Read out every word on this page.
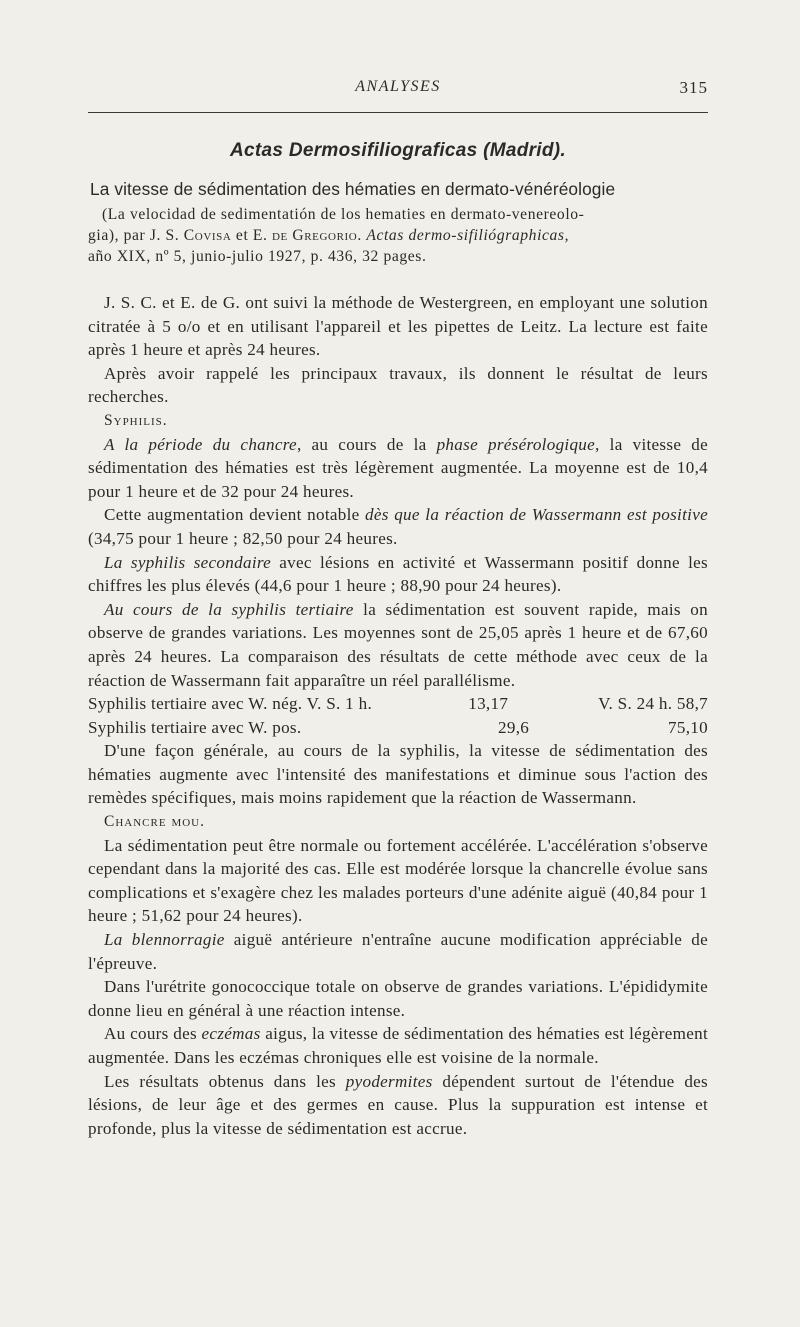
ANALYSES	315
Actas Dermosifiliograficas (Madrid).
La vitesse de sédimentation des hématies en dermato-vénéréologie
(La velocidad de sedimentatión de los hematies en dermato-venereolo-
gia), par J. S. Covisa et E. de Gregorio. Actas dermo-sifiliógraphicas,
año XIX, nº 5, junio-julio 1927, p. 436, 32 pages.

J. S. C. et E. de G. ont suivi la méthode de Westergreen, en employant une solution citratée à 5 o/o et en utilisant l'appareil et les pipettes de Leitz. La lecture est faite après 1 heure et après 24 heures.

Après avoir rappelé les principaux travaux, ils donnent le résultat de leurs recherches.

Syphilis.

A la période du chancre, au cours de la phase présérologique, la vitesse de sédimentation des hématies est très légèrement augmentée. La moyenne est de 10,4 pour 1 heure et de 32 pour 24 heures.

Cette augmentation devient notable dès que la réaction de Wassermann est positive (34,75 pour 1 heure ; 82,50 pour 24 heures.

La syphilis secondaire avec lésions en activité et Wassermann positif donne les chiffres les plus élevés (44,6 pour 1 heure ; 88,90 pour 24 heures).

Au cours de la syphilis tertiaire la sédimentation est souvent rapide, mais on observe de grandes variations. Les moyennes sont de 25,05 après 1 heure et de 67,60 après 24 heures. La comparaison des résultats de cette méthode avec ceux de la réaction de Wassermann fait apparaître un réel parallélisme.

Syphilis tertiaire avec W. nég. V. S. 1 h.	13,17	V. S. 24 h. 58,7
Syphilis tertiaire avec W. pos.	29,6	75,10

D'une façon générale, au cours de la syphilis, la vitesse de sédimentation des hématies augmente avec l'intensité des manifestations et diminue sous l'action des remèdes spécifiques, mais moins rapidement que la réaction de Wassermann.

Chancre mou.

La sédimentation peut être normale ou fortement accélérée. L'accélération s'observe cependant dans la majorité des cas. Elle est modérée lorsque la chancrelle évolue sans complications et s'exagère chez les malades porteurs d'une adénite aiguë (40,84 pour 1 heure ; 51,62 pour 24 heures).

La blennorragie aiguë antérieure n'entraîne aucune modification appréciable de l'épreuve.

Dans l'urétrite gonococcique totale on observe de grandes variations. L'épididymite donne lieu en général à une réaction intense.

Au cours des eczémas aigus, la vitesse de sédimentation des hématies est légèrement augmentée. Dans les eczémas chroniques elle est voisine de la normale.

Les résultats obtenus dans les pyodermites dépendent surtout de l'étendue des lésions, de leur âge et des germes en cause. Plus la suppuration est intense et profonde, plus la vitesse de sédimentation est accrue.
